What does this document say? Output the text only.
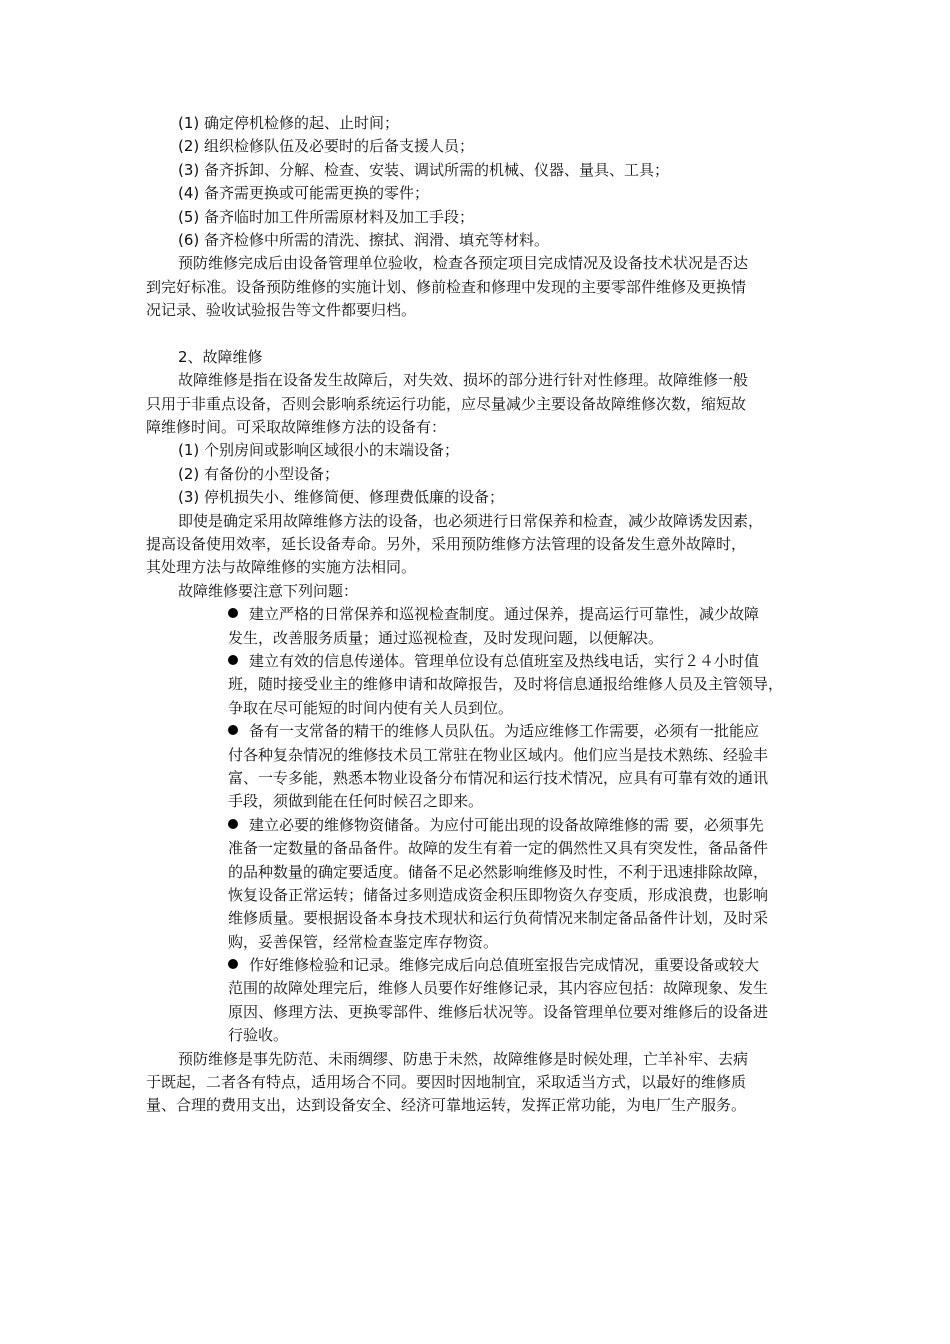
(1) 确定停机检修的起、止时间；
(2) 组织检修队伍及必要时的后备支援人员；
(3) 备齐拆卸、分解、检查、安装、调试所需的机械、仪器、量具、工具；
(4) 备齐需更换或可能需更换的零件；
(5) 备齐临时加工件所需原材料及加工手段；
(6) 备齐检修中所需的清洗、擦拭、润滑、填充等材料。
预防维修完成后由设备管理单位验收，检查各预定项目完成情况及设备技术状况是否达
到完好标准。设备预防维修的实施计划、修前检查和修理中发现的主要零部件维修及更换情
况记录、验收试验报告等文件都要归档。
2、故障维修
故障维修是指在设备发生故障后，对失效、损坏的部分进行针对性修理。故障维修一般
只用于非重点设备，否则会影响系统运行功能，应尽量减少主要设备故障维修次数，缩短故
障维修时间。可采取故障维修方法的设备有：
(1) 个别房间或影响区域很小的末端设备；
(2) 有备份的小型设备；
(3) 停机损失小、维修简便、修理费低廉的设备；
即使是确定采用故障维修方法的设备，也必须进行日常保养和检查，减少故障诱发因素，
提高设备使用效率，延长设备寿命。另外，采用预防维修方法管理的设备发生意外故障时，
其处理方法与故障维修的实施方法相同。
故障维修要注意下列问题：
建立严格的日常保养和巡视检查制度。通过保养，提高运行可靠性，减少故障
发生，改善服务质量；通过巡视检查，及时发现问题，以便解决。
建立有效的信息传递体。管理单位设有总值班室及热线电话，实行２４小时值
班，随时接受业主的维修申请和故障报告，及时将信息通报给维修人员及主管领导，
争取在尽可能短的时间内使有关人员到位。
备有一支常备的精干的维修人员队伍。为适应维修工作需要，必须有一批能应
付各种复杂情况的维修技术员工常驻在物业区域内。他们应当是技术熟练、经验丰
富、一专多能，熟悉本物业设备分布情况和运行技术情况，应具有可靠有效的通讯
手段，须做到能在任何时候召之即来。
建立必要的维修物资储备。为应付可能出现的设备故障维修的需 要，必须事先
准备一定数量的备品备件。故障的发生有着一定的偶然性又具有突发性，备品备件
的品种数量的确定要适度。储备不足必然影响维修及时性，不利于迅速排除故障，
恢复设备正常运转；储备过多则造成资金积压即物资久存变质，形成浪费，也影响
维修质量。要根据设备本身技术现状和运行负荷情况来制定备品备件计划，及时采
购，妥善保管，经常检查鉴定库存物资。
作好维修检验和记录。维修完成后向总值班室报告完成情况，重要设备或较大
范围的故障处理完后，维修人员要作好维修记录，其内容应包括：故障现象、发生
原因、修理方法、更换零部件、维修后状况等。设备管理单位要对维修后的设备进
行验收。
预防维修是事先防范、未雨绸缪、防患于未然，故障维修是时候处理，亡羊补牢、去病
于既起，二者各有特点，适用场合不同。要因时因地制宜，采取适当方式，以最好的维修质
量、合理的费用支出，达到设备安全、经济可靠地运转，发挥正常功能，为电厂生产服务。
